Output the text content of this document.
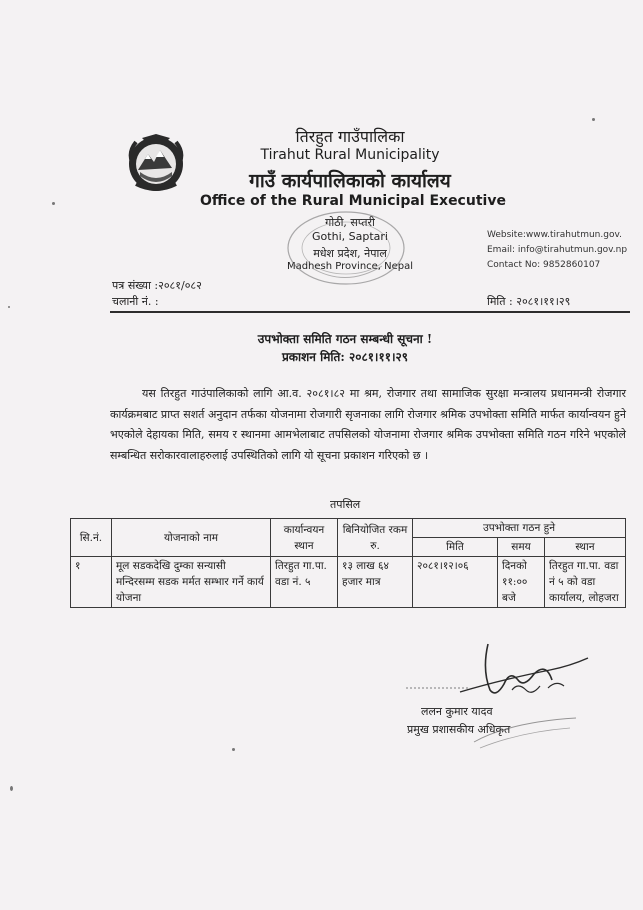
तिरहुत गाउँपालिका
Tirahut Rural Municipality
गाउँ कार्यपालिकाको कार्यालय
Office of the Rural Municipal Executive
गोठी, सप्तरी
Gothi, Saptari
मधेश प्रदेश, नेपाल
Madhesh Province, Nepal
Website:www.tirahutmun.gov.
Email: info@tirahutmun.gov.np
Contact No: 9852860107
पत्र संख्या :२०८१/०८२
चलानी नं. :	मिति : २०८१।११।२९
उपभोक्ता समिति गठन सम्बन्धी सूचना !
प्रकाशन मिति: २०८१।११।२९
यस तिरहुत गाउंपालिकाको लागि आ.व. २०८१।८२ मा श्रम, रोजगार तथा सामाजिक सुरक्षा मन्त्रालय प्रधानमन्त्री रोजगार कार्यक्रमबाट प्राप्त सशर्त अनुदान तर्फका योजनामा रोजगारी सृजनाका लागि रोजगार श्रमिक उपभोक्ता समिति मार्फत कार्यान्वयन हुने भएकोले देहायका मिति, समय र स्थानमा आमभेलाबाट तपसिलको योजनामा रोजगार श्रमिक उपभोक्ता समिति गठन गरिने भएकोले सम्बन्धित सरोकारवालाहरुलाई उपस्थितिको लागि यो सूचना प्रकाशन गरिएको छ ।
तपसिल
सि.नं.	योजनाको नाम	कार्यान्वयन स्थान	बिनियोजित रकम रु.	उपभोक्ता गठन हुने		
				मिति	समय	स्थान
१	मूल सडकदेखि दुम्का सन्यासी मन्दिरसम्म सडक मर्मत सम्भार गर्ने कार्य योजना	तिरहुत गा.पा. वडा नं. ५	१३ लाख ६४ हजार मात्र	२०८१।१२।०६	दिनको ११:०० बजे	तिरहुत गा.पा. वडा नं ५ को वडा कार्यालय, लोहजरा
ललन कुमार यादव
प्रमुख प्रशासकीय अधिकृत
